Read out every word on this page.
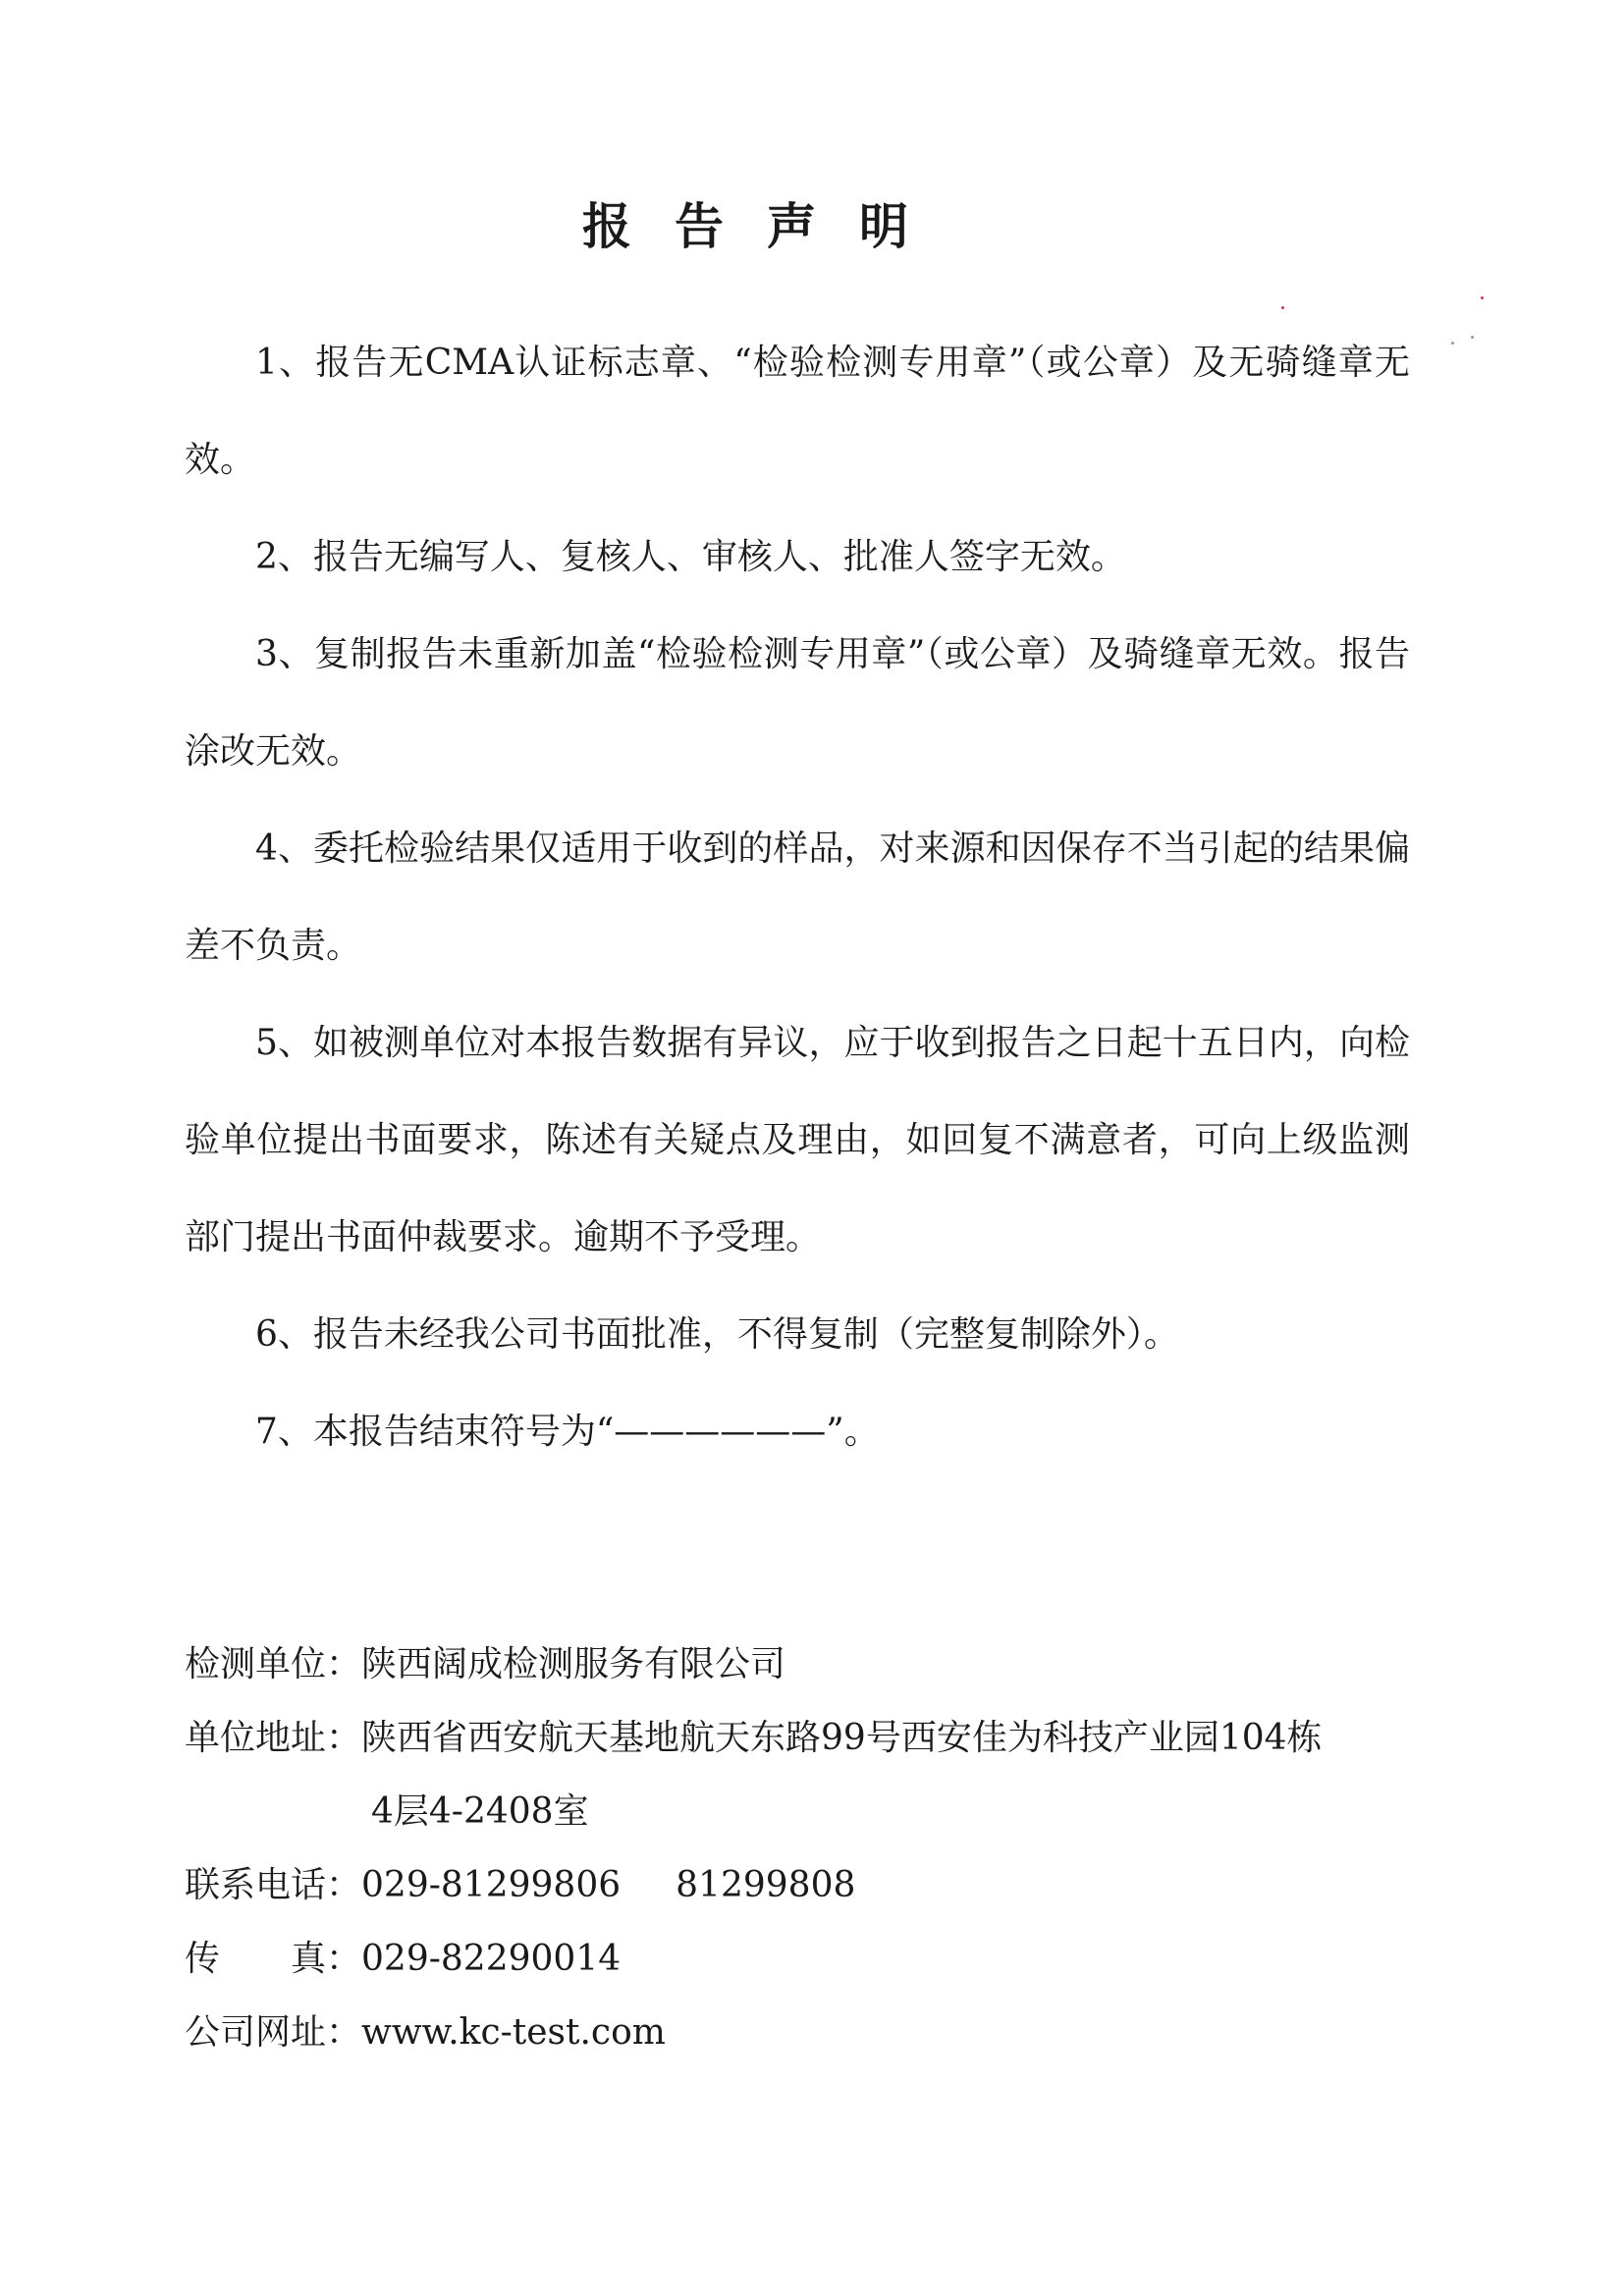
报告声明

1、报告无CMA认证标志章、“检验检测专用章”（或公章）及无骑缝章无效。

2、报告无编写人、复核人、审核人、批准人签字无效。

3、复制报告未重新加盖“检验检测专用章”（或公章）及骑缝章无效。报告涂改无效。

4、委托检验结果仅适用于收到的样品，对来源和因保存不当引起的结果偏差不负责。

5、如被测单位对本报告数据有异议，应于收到报告之日起十五日内，向检验单位提出书面要求，陈述有关疑点及理由，如回复不满意者，可向上级监测部门提出书面仲裁要求。逾期不予受理。

6、报告未经我公司书面批准，不得复制（完整复制除外）。

7、本报告结束符号为“——————”。

检测单位： 陕西阔成检测服务有限公司
单位地址： 陕西省西安航天基地航天东路99号西安佳为科技产业园104栋
4层4-2408室
联系电话： 029-81299806 81299808
传真 ： 029-82290014
公司网址： www.kc-test.com
